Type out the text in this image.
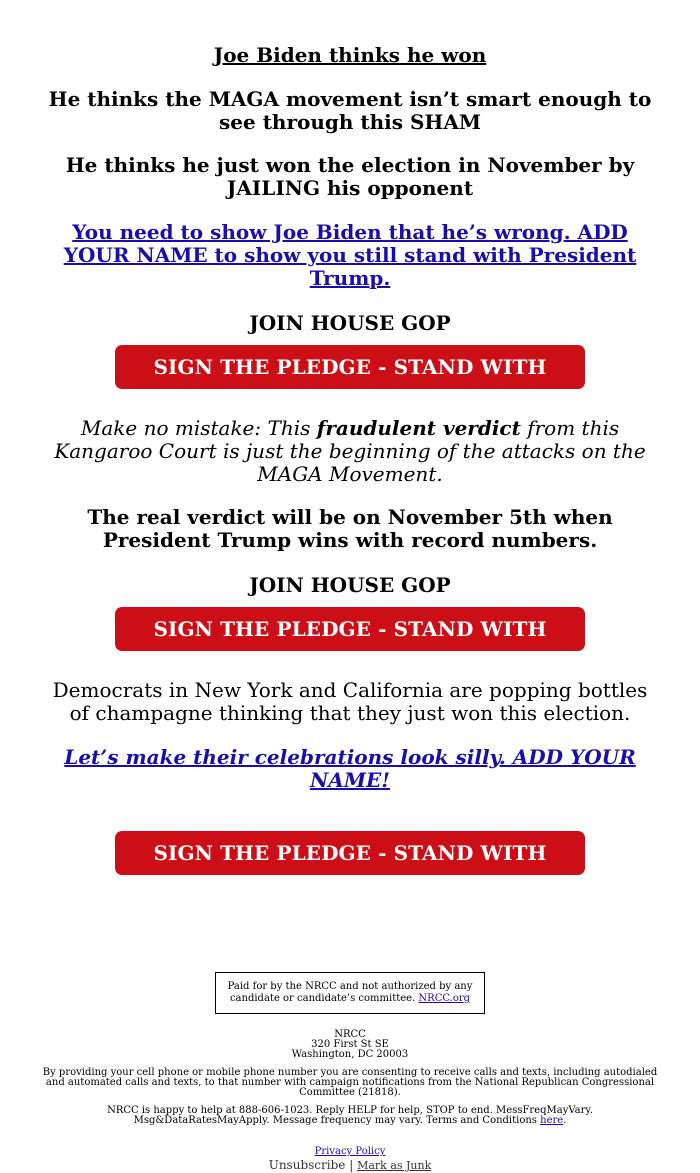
Joe Biden thinks he won

He thinks the MAGA movement isn’t smart enough to see through this SHAM

He thinks he just won the election in November by JAILING his opponent

You need to show Joe Biden that he’s wrong. ADD YOUR NAME to show you still stand with President Trump.

JOIN HOUSE GOP

SIGN THE PLEDGE - STAND WITH TRUMP

Make no mistake: This fraudulent verdict from this Kangaroo Court is just the beginning of the attacks on the MAGA Movement.

The real verdict will be on November 5th when President Trump wins with record numbers.

JOIN HOUSE GOP

SIGN THE PLEDGE - STAND WITH TRUMP

Democrats in New York and California are popping bottles of champagne thinking that they just won this election.

Let’s make their celebrations look silly. ADD YOUR NAME!

SIGN THE PLEDGE - STAND WITH TRUMP
Paid for by the NRCC and not authorized by any candidate or candidate’s committee. NRCC.org
NRCC
320 First St SE
Washington, DC 20003

By providing your cell phone or mobile phone number you are consenting to receive calls and texts, including autodialed and automated calls and texts, to that number with campaign notifications from the National Republican Congressional Committee (21818).

NRCC is happy to help at 888-606-1023. Reply HELP for help, STOP to end. MessFreqMayVary. Msg&DataRatesMayApply. Message frequency may vary. Terms and Conditions here.

Privacy Policy
Unsubscribe | Mark as Junk
